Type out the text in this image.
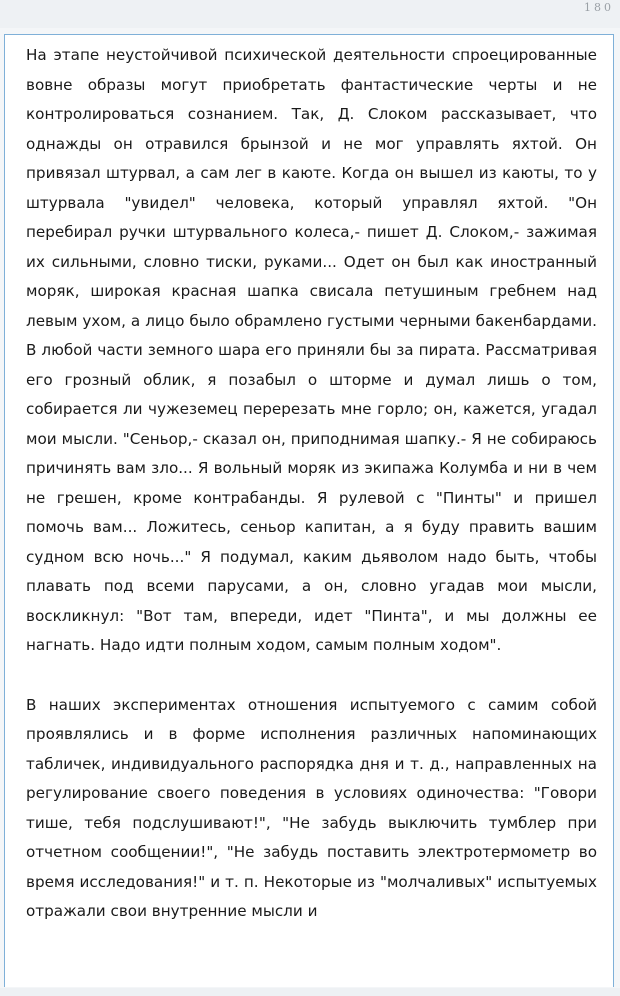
180

На этапе неустойчивой психической деятельности спроецированные вовне образы могут приобретать фантастические черты и не контролироваться сознанием. Так, Д. Слоком рассказывает, что однажды он отравился брынзой и не мог управлять яхтой. Он привязал штурвал, а сам лег в каюте. Когда он вышел из каюты, то у штурвала "увидел" человека, который управлял яхтой. "Он перебирал ручки штурвального колеса,- пишет Д. Слоком,- зажимая их сильными, словно тиски, руками... Одет он был как иностранный моряк, широкая красная шапка свисала петушиным гребнем над левым ухом, а лицо было обрамлено густыми черными бакенбардами. В любой части земного шара его приняли бы за пирата. Рассматривая его грозный облик, я позабыл о шторме и думал лишь о том, собирается ли чужеземец перерезать мне горло; он, кажется, угадал мои мысли. "Сеньор,- сказал он, приподнимая шапку.- Я не собираюсь причинять вам зло... Я вольный моряк из экипажа Колумба и ни в чем не грешен, кроме контрабанды. Я рулевой с "Пинты" и пришел помочь вам... Ложитесь, сеньор капитан, а я буду править вашим судном всю ночь..." Я подумал, каким дьяволом надо быть, чтобы плавать под всеми парусами, а он, словно угадав мои мысли, воскликнул: "Вот там, впереди, идет "Пинта", и мы должны ее нагнать. Надо идти полным ходом, самым полным ходом".

В наших экспериментах отношения испытуемого с самим собой проявлялись и в форме исполнения различных напоминающих табличек, индивидуального распорядка дня и т. д., направленных на регулирование своего поведения в условиях одиночества: "Говори тише, тебя подслушивают!", "Не забудь выключить тумблер при отчетном сообщении!", "Не забудь поставить электротермометр во время исследования!" и т. п. Некоторые из "молчаливых" испытуемых отражали свои внутренние мысли и
